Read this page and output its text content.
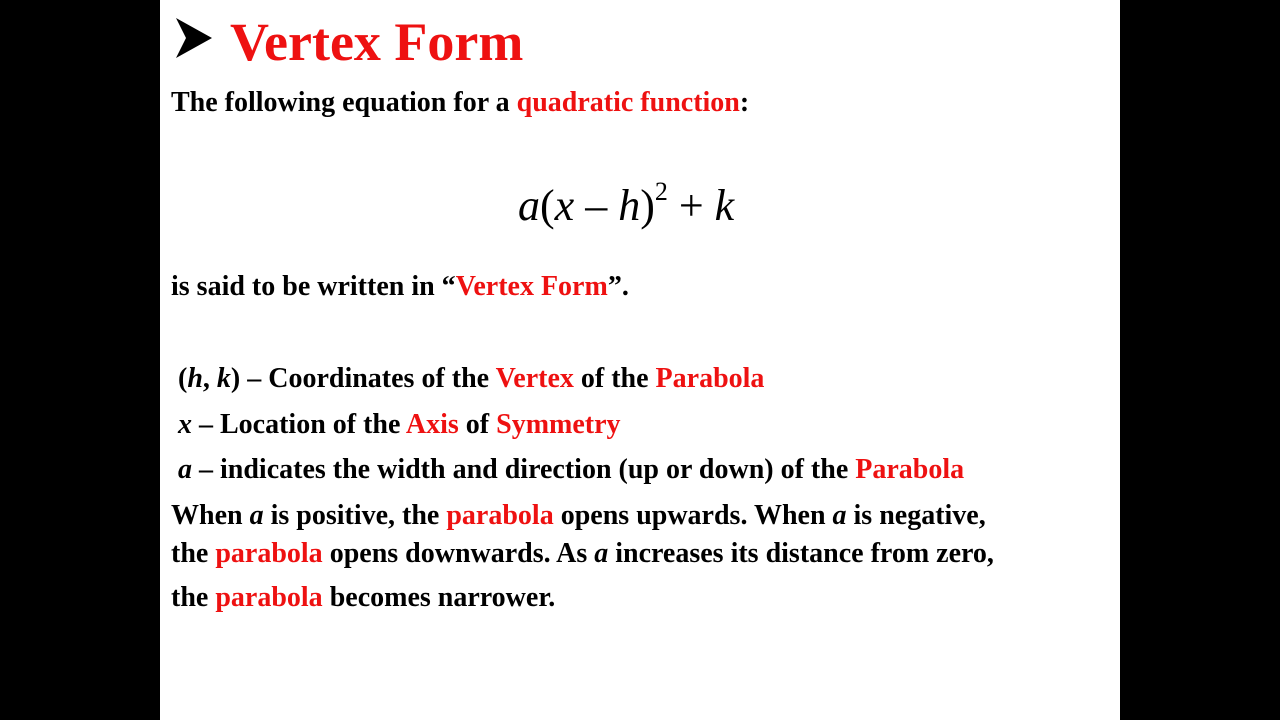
Vertex Form
The following equation for a quadratic function:
a(x – h)$^2$ + k
is said to be written in “Vertex Form”.
(h, k) – Coordinates of the Vertex of the Parabola
x – Location of the Axis of Symmetry
a – indicates the width and direction (up or down) of the Parabola
When a is positive, the parabola opens upwards. When a is negative,
the parabola opens downwards. As a increases its distance from zero,
the parabola becomes narrower.
